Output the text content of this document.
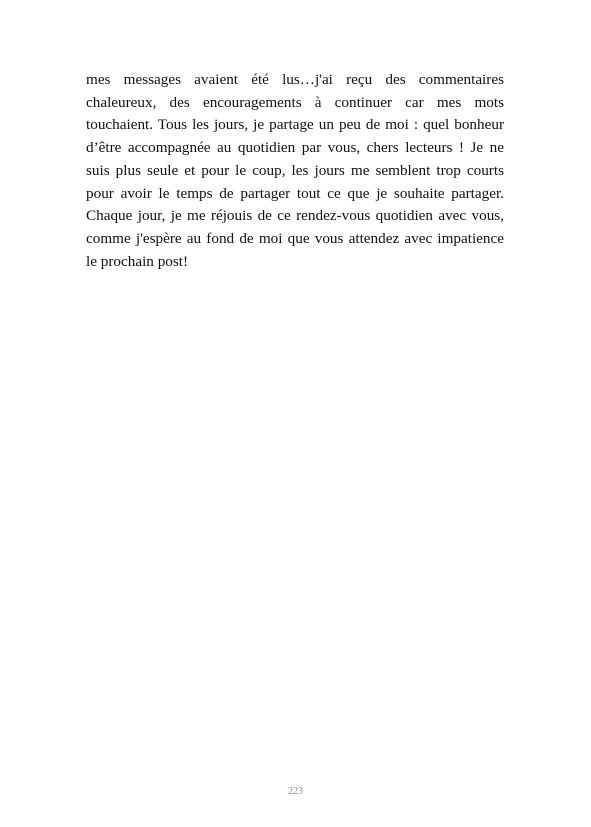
mes messages avaient été lus…j'ai reçu des commentaires chaleureux, des encouragements à continuer car mes mots touchaient. Tous les jours, je partage un peu de moi : quel bonheur d’être accompagnée au quotidien par vous, chers lecteurs ! Je ne suis plus seule et pour le coup, les jours me semblent trop courts pour avoir le temps de partager tout ce que je souhaite partager. Chaque jour, je me réjouis de ce rendez-vous quotidien avec vous, comme j'espère au fond de moi que vous attendez avec impatience le prochain post!

223
